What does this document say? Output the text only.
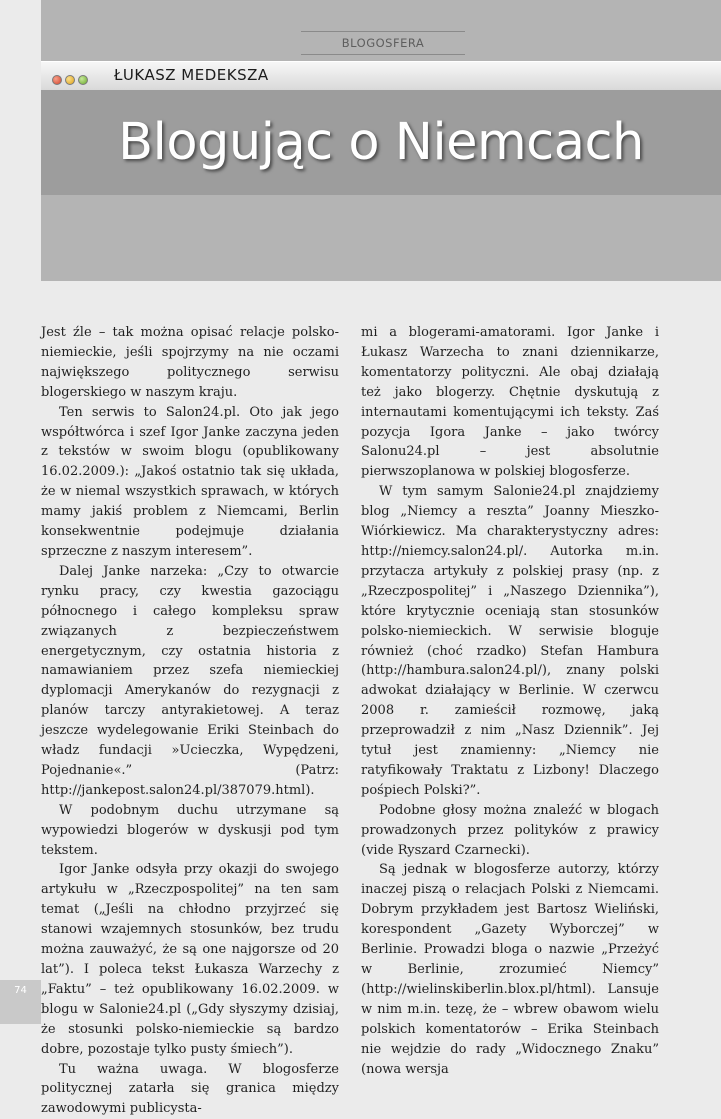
74
BLOGOSFERA
ŁUKASZ MEDEKSZA
Blogując o Niemcach

Jest źle – tak można opisać relacje polsko-niemieckie, jeśli spojrzymy na nie oczami największego politycznego serwisu blogerskiego w naszym kraju.

Ten serwis to Salon24.pl. Oto jak jego współtwórca i szef Igor Janke zaczyna jeden z tekstów w swoim blogu (opublikowany 16.02.2009.): „Jakoś ostatnio tak się układa, że w niemal wszystkich sprawach, w których mamy jakiś problem z Niemcami, Berlin konsekwentnie podejmuje działania sprzeczne z naszym interesem”.

Dalej Janke narzeka: „Czy to otwarcie rynku pracy, czy kwestia gazociągu północnego i całego kompleksu spraw związanych z bezpieczeństwem energetycznym, czy ostatnia historia z namawianiem przez szefa niemieckiej dyplomacji Amerykanów do rezygnacji z planów tarczy antyrakietowej. A teraz jeszcze wydelegowanie Eriki Steinbach do władz fundacji »Ucieczka, Wypędzeni, Pojednanie«.” (Patrz: http://jankepost.salon24.pl/387079.html).

W podobnym duchu utrzymane są wypowiedzi blogerów w dyskusji pod tym tekstem.

Igor Janke odsyła przy okazji do swojego artykułu w „Rzeczpospolitej” na ten sam temat („Jeśli na chłodno przyjrzeć się stanowi wzajemnych stosunków, bez trudu można zauważyć, że są one najgorsze od 20 lat”). I poleca tekst Łukasza Warzechy z „Faktu” – też opublikowany 16.02.2009. w blogu w Salonie24.pl („Gdy słyszymy dzisiaj, że stosunki polsko-niemieckie są bardzo dobre, pozostaje tylko pusty śmiech”).

Tu ważna uwaga. W blogosferze politycznej zatarła się granica między zawodowymi publicysta-

mi a blogerami-amatorami. Igor Janke i Łukasz Warzecha to znani dziennikarze, komentatorzy polityczni. Ale obaj działają też jako blogerzy. Chętnie dyskutują z internautami komentującymi ich teksty. Zaś pozycja Igora Janke – jako twórcy Salonu24.pl – jest absolutnie pierwszoplanowa w polskiej blogosferze.

W tym samym Salonie24.pl znajdziemy blog „Niemcy a reszta” Joanny Mieszko-Wiórkiewicz. Ma charakterystyczny adres: http://niemcy.salon24.pl/. Autorka m.in. przytacza artykuły z polskiej prasy (np. z „Rzeczpospolitej” i „Naszego Dziennika”), które krytycznie oceniają stan stosunków polsko-niemieckich. W serwisie bloguje również (choć rzadko) Stefan Hambura (http://hambura.salon24.pl/), znany polski adwokat działający w Berlinie. W czerwcu 2008 r. zamieścił rozmowę, jaką przeprowadził z nim „Nasz Dziennik”. Jej tytuł jest znamienny: „Niemcy nie ratyfikowały Traktatu z Lizbony! Dlaczego pośpiech Polski?”.

Podobne głosy można znaleźć w blogach prowadzonych przez polityków z prawicy (vide Ryszard Czarnecki).

Są jednak w blogosferze autorzy, którzy inaczej piszą o relacjach Polski z Niemcami. Dobrym przykładem jest Bartosz Wieliński, korespondent „Gazety Wyborczej” w Berlinie. Prowadzi bloga o nazwie „Przeżyć w Berlinie, zrozumieć Niemcy” (http://wielinskiberlin.blox.pl/html). Lansuje w nim m.in. tezę, że – wbrew obawom wielu polskich komentatorów – Erika Steinbach nie wejdzie do rady „Widocznego Znaku” (nowa wersja
